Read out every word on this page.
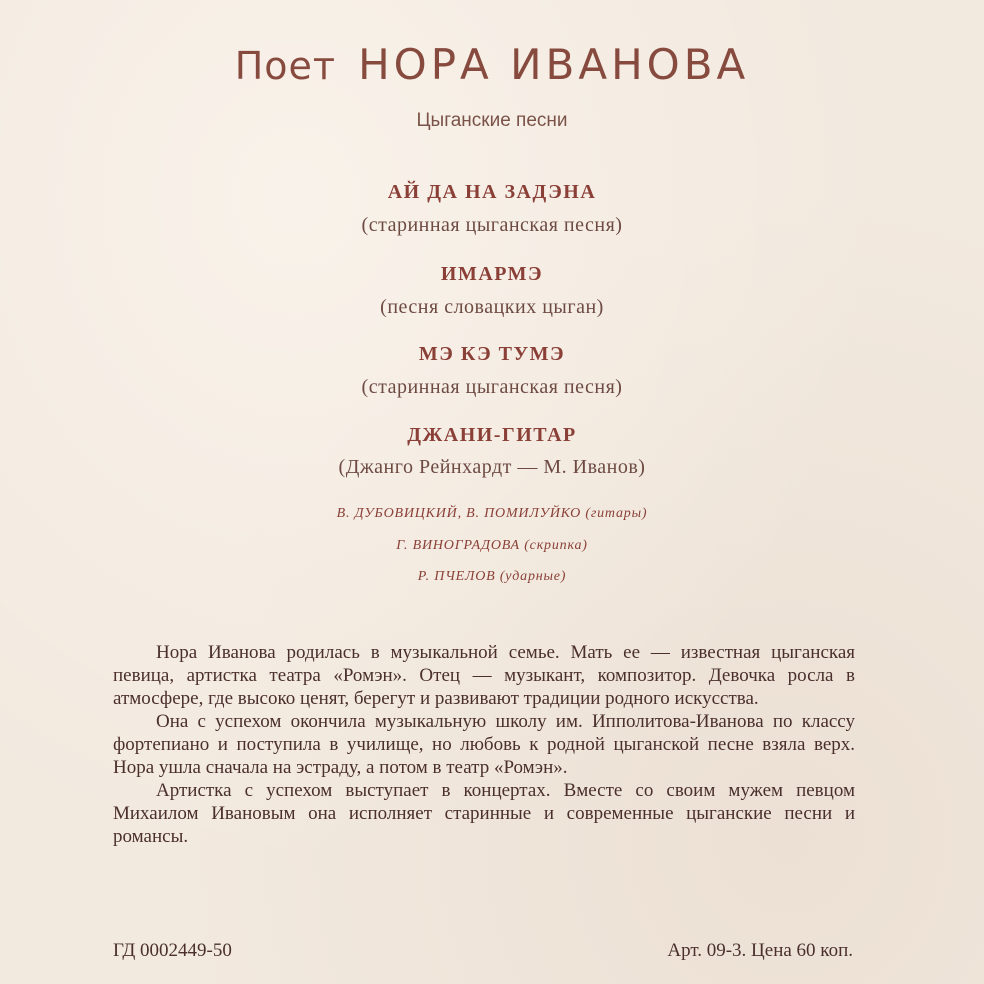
Поет НОРА ИВАНОВА
Цыганские песни
АЙ ДА НА ЗАДЭНА
(старинная цыганская песня)
ИМАРМЭ
(песня словацких цыган)
МЭ КЭ ТУМЭ
(старинная цыганская песня)
ДЖАНИ-ГИТАР
(Джанго Рейнхардт — М. Иванов)
В. ДУБОВИЦКИЙ, В. ПОМИЛУЙКО (гитары)
Г. ВИНОГРАДОВА (скрипка)
Р. ПЧЕЛОВ (ударные)

Нора Иванова родилась в музыкальной семье. Мать ее — известная цыганская певица, артистка театра «Ромэн». Отец — музыкант, композитор. Девочка росла в атмосфере, где высоко ценят, берегут и развивают традиции родного искусства.

Она с успехом окончила музыкальную школу им. Ипполитова-Иванова по классу фортепиано и поступила в училище, но любовь к родной цыганской песне взяла верх. Нора ушла сначала на эстраду, а потом в театр «Ромэн».

Артистка с успехом выступает в концертах. Вместе со своим мужем певцом Михаилом Ивановым она исполняет старинные и современные цыганские песни и романсы.

ГД 0002449-50	Арт. 09-3. Цена 60 коп.
